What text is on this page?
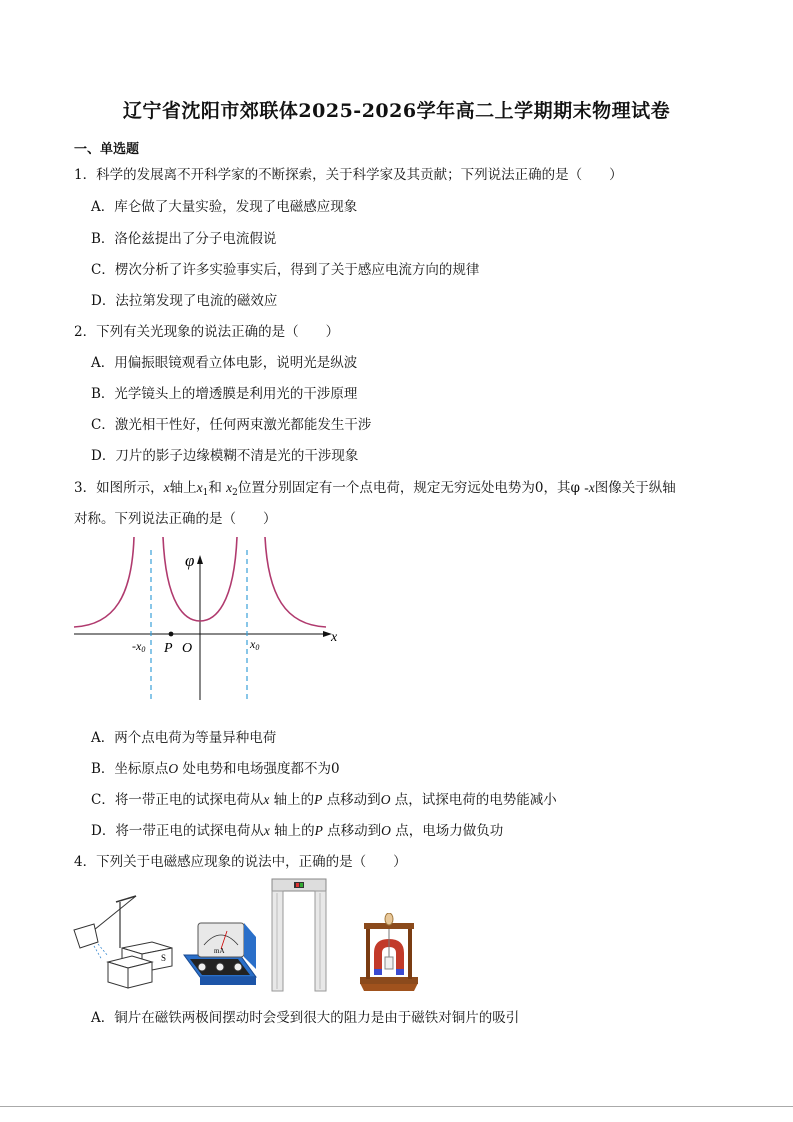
辽宁省沈阳市郊联体2025-2026学年高二上学期期末物理试卷
一、单选题
1．科学的发展离不开科学家的不断探索，关于科学家及其贡献；下列说法正确的是（　　）
A．库仑做了大量实验，发现了电磁感应现象
B．洛伦兹提出了分子电流假说
C．楞次分析了许多实验事实后，得到了关于感应电流方向的规律
D．法拉第发现了电流的磁效应
2．下列有关光现象的说法正确的是（　　）
A．用偏振眼镜观看立体电影，说明光是纵波
B．光学镜头上的增透膜是利用光的干涉原理
C．激光相干性好，任何两束激光都能发生干涉
D．刀片的影子边缘模糊不清是光的干涉现象
3．如图所示，x轴上$x_1$和 $x_2$位置分别固定有一个点电荷，规定无穷远处电势为0，其φ -x图像关于纵轴
对称。下列说法正确的是（　　）
φ
x
-x0	x0
P O
A．两个点电荷为等量异种电荷
B．坐标原点O 处电势和电场强度都不为0
C．将一带正电的试探电荷从x 轴上的P 点移动到O 点，试探电荷的电势能减小
D．将一带正电的试探电荷从x 轴上的P 点移动到O 点，电场力做负功
4．下列关于电磁感应现象的说法中，正确的是（　　）
S
mA
A．铜片在磁铁两极间摆动时会受到很大的阻力是由于磁铁对铜片的吸引
